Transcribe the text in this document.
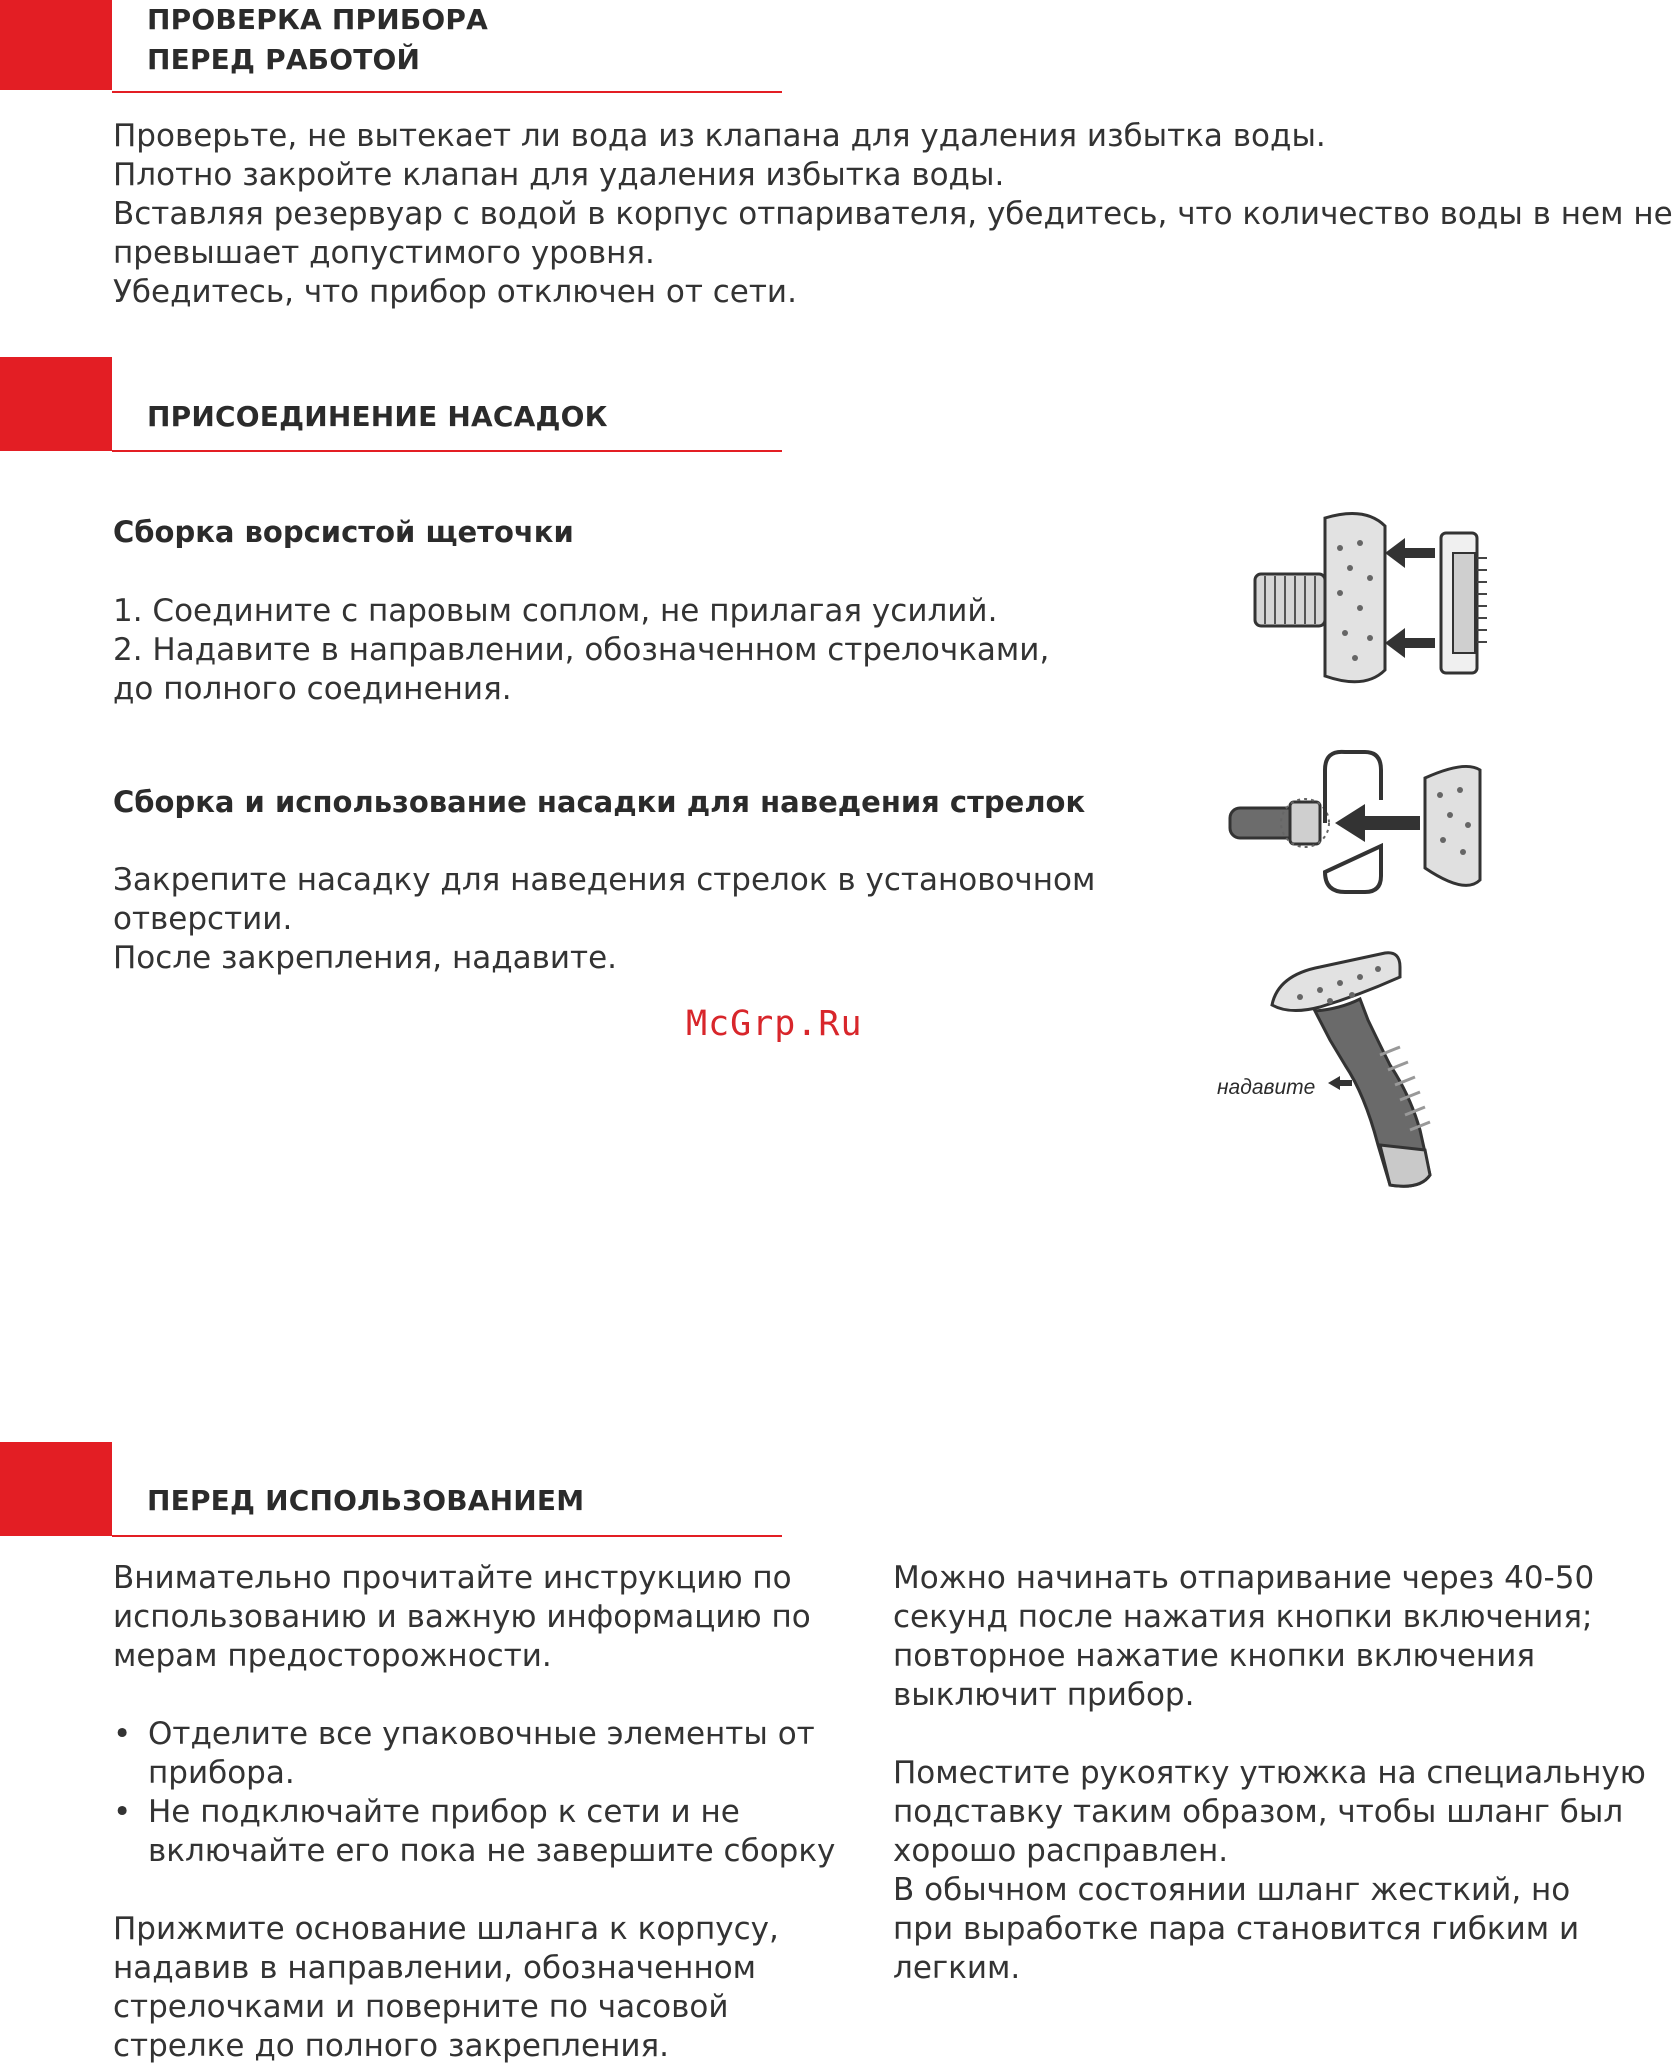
ПРОВЕРКА ПРИБОРА
ПЕРЕД РАБОТОЙ
Проверьте, не вытекает ли вода из клапана для удаления избытка воды.
Плотно закройте клапан для удаления избытка воды.
Вставляя резервуар с водой в корпус отпаривателя, убедитесь, что количество воды в нем не
превышает допустимого уровня.
Убедитесь, что прибор отключен от сети.
ПРИСОЕДИНЕНИЕ НАСАДОК
Сборка ворсистой щеточки
1. Соедините с паровым соплом, не прилагая усилий.
2. Надавите в направлении, обозначенном стрелочками,
до полного соединения.
Сборка и использование насадки для наведения стрелок
Закрепите насадку для наведения стрелок в установочном
отверстии.
После закрепления, надавите.
McGrp.Ru
надавите
ПЕРЕД ИСПОЛЬЗОВАНИЕМ
Внимательно прочитайте инструкцию по
использованию и важную информацию по
мерам предосторожности.
• Отделите все упаковочные элементы от
прибора.
• Не подключайте прибор к сети и не
включайте его пока не завершите сборку
Прижмите основание шланга к корпусу,
надавив в направлении, обозначенном
стрелочками и поверните по часовой
стрелке до полного закрепления.
Можно начинать отпаривание через 40-50
секунд после нажатия кнопки включения;
повторное нажатие кнопки включения
выключит прибор.
Поместите рукоятку утюжка на специальную
подставку таким образом, чтобы шланг был
хорошо расправлен.
В обычном состоянии шланг жесткий, но
при выработке пара становится гибким и
легким.
